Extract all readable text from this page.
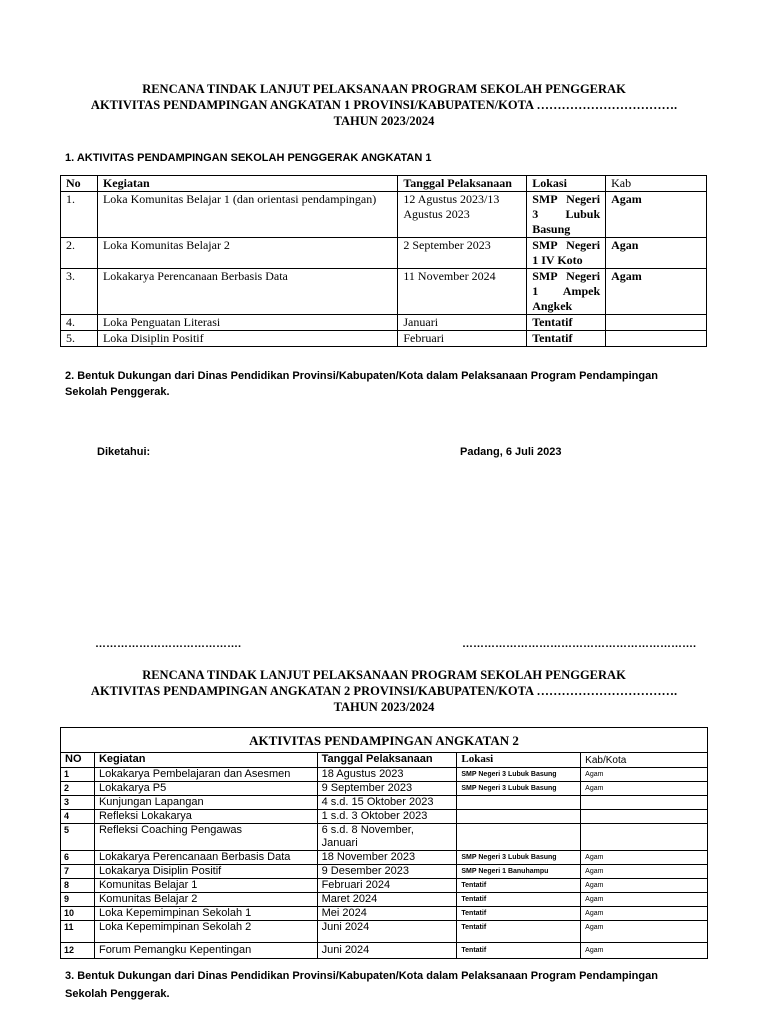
RENCANA TINDAK LANJUT PELAKSANAAN PROGRAM SEKOLAH PENGGERAK
AKTIVITAS PENDAMPINGAN ANGKATAN 1 PROVINSI/KABUPATEN/KOTA …………………………….
TAHUN 2023/2024
1. AKTIVITAS PENDAMPINGAN SEKOLAH PENGGERAK ANGKATAN 1
No	Kegiatan	Tanggal Pelaksanaan	Lokasi	Kab
1.	Loka Komunitas Belajar 1 (dan orientasi pendampingan)	12 Agustus 2023/13 Agustus 2023	SMP Negeri 3 Lubuk Basung	Agam
2.	Loka Komunitas Belajar 2	2 September 2023	SMP Negeri 1 IV Koto	Agan
3.	Lokakarya Perencanaan Berbasis Data	11 November 2024	SMP Negeri 1 Ampek Angkek	Agam
4.	Loka Penguatan Literasi	Januari	Tentatif	
5.	Loka Disiplin Positif	Februari	Tentatif	
2. Bentuk Dukungan dari Dinas Pendidikan Provinsi/Kabupaten/Kota dalam Pelaksanaan Program Pendampingan
Sekolah Penggerak.
Diketahui:	Padang, 6 Juli 2023
………………………………….	……………………………………………………….
RENCANA TINDAK LANJUT PELAKSANAAN PROGRAM SEKOLAH PENGGERAK
AKTIVITAS PENDAMPINGAN ANGKATAN 2 PROVINSI/KABUPATEN/KOTA …………………………….
TAHUN 2023/2024
AKTIVITAS PENDAMPINGAN ANGKATAN 2				
NO	Kegiatan	Tanggal Pelaksanaan	Lokasi	Kab/Kota
1	Lokakarya Pembelajaran dan Asesmen	18 Agustus 2023	SMP Negeri 3 Lubuk Basung	Agam
2	Lokakarya P5	9 September 2023	SMP Negeri 3 Lubuk Basung	Agam
3	Kunjungan Lapangan	4 s.d. 15 Oktober 2023		
4	Refleksi Lokakarya	1 s.d. 3 Oktober 2023		
5	Refleksi Coaching Pengawas	6 s.d. 8 November, Januari		
6	Lokakarya Perencanaan Berbasis Data	18 November 2023	SMP Negeri 3 Lubuk Basung	Agam
7	Lokakarya Disiplin Positif	9 Desember 2023	SMP Negeri 1 Banuhampu	Agam
8	Komunitas Belajar 1	Februari 2024	Tentatif	Agam
9	Komunitas Belajar 2	Maret 2024	Tentatif	Agam
10	Loka Kepemimpinan Sekolah 1	Mei 2024	Tentatif	Agam
11	Loka Kepemimpinan Sekolah 2	Juni 2024	Tentatif	Agam
12	Forum Pemangku Kepentingan	Juni 2024	Tentatif	Agam
3. Bentuk Dukungan dari Dinas Pendidikan Provinsi/Kabupaten/Kota dalam Pelaksanaan Program Pendampingan
Sekolah Penggerak.
